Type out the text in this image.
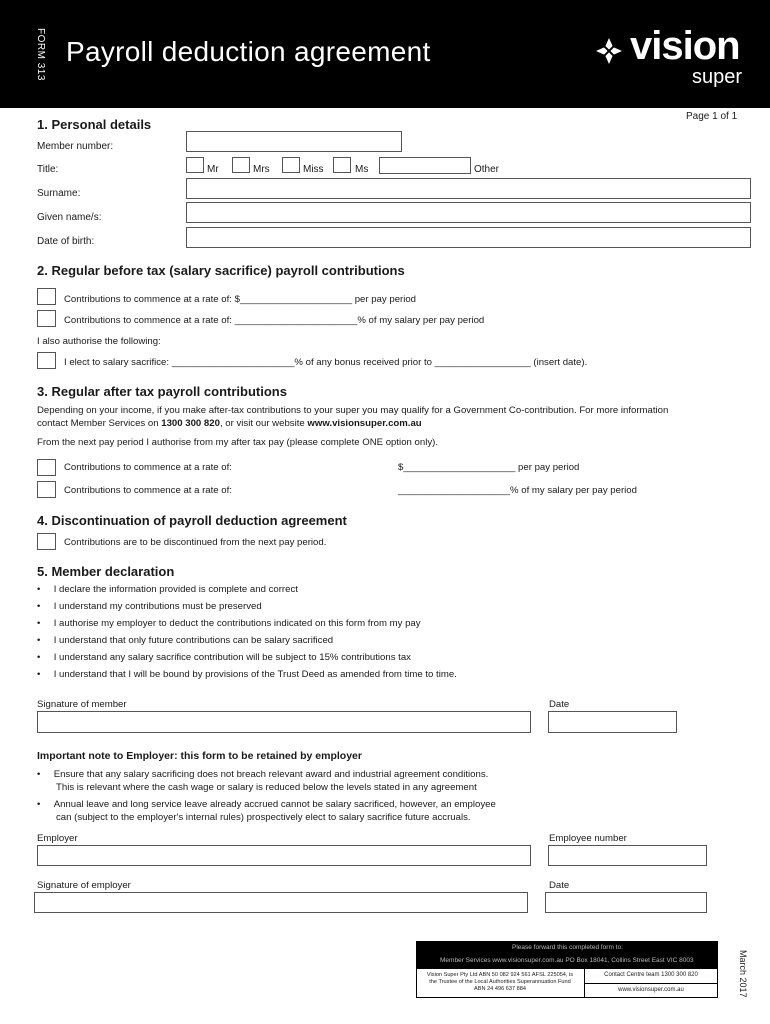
FORM 313 Payroll deduction agreement	vision
super
Page 1 of 1
1. Personal details
Member number:
Title:	Mr	Mrs	Miss	Ms	Other
Surname:
Given name/s:
Date of birth:
2. Regular before tax (salary sacrifice) payroll contributions
Contributions to commence at a rate of: $_____________________ per pay period
Contributions to commence at a rate of: _______________________% of my salary per pay period
I also authorise the following:
I elect to salary sacrifice: _______________________% of any bonus received prior to __________________ (insert date).
3. Regular after tax payroll contributions
Depending on your income, if you make after-tax contributions to your super you may qualify for a Government Co-contribution. For more information
contact Member Services on 1300 300 820, or visit our website www.visionsuper.com.au
From the next pay period I authorise from my after tax pay (please complete ONE option only).
Contributions to commence at a rate of:	$_____________________ per pay period
Contributions to commence at a rate of:	_____________________% of my salary per pay period
4. Discontinuation of payroll deduction agreement
Contributions are to be discontinued from the next pay period.
5. Member declaration
•     I declare the information provided is complete and correct
•     I understand my contributions must be preserved
•     I authorise my employer to deduct the contributions indicated on this form from my pay
•     I understand that only future contributions can be salary sacrificed
•     I understand any salary sacrifice contribution will be subject to 15% contributions tax
•     I understand that I will be bound by provisions of the Trust Deed as amended from time to time.
Signature of member	Date
Important note to Employer: this form to be retained by employer
•     Ensure that any salary sacrificing does not breach relevant award and industrial agreement conditions.
This is relevant where the cash wage or salary is reduced below the levels stated in any agreement
•     Annual leave and long service leave already accrued cannot be salary sacrificed, however, an employee
can (subject to the employer's internal rules) prospectively elect to salary sacrifice future accruals.
Employer	Employee number
Signature of employer	Date
Please forward this completed form to:
Member Services www.visionsuper.com.au PO Box 18041, Collins Street East VIC 8003
Vision Super Pty Ltd ABN 50 082 924 561 AFSL 225054, is
the Trustee of the Local Authorities Superannuation Fund
ABN 24 496 637 884
Contact Centre team 1300 300 820
www.visionsuper.com.au	March 2017
